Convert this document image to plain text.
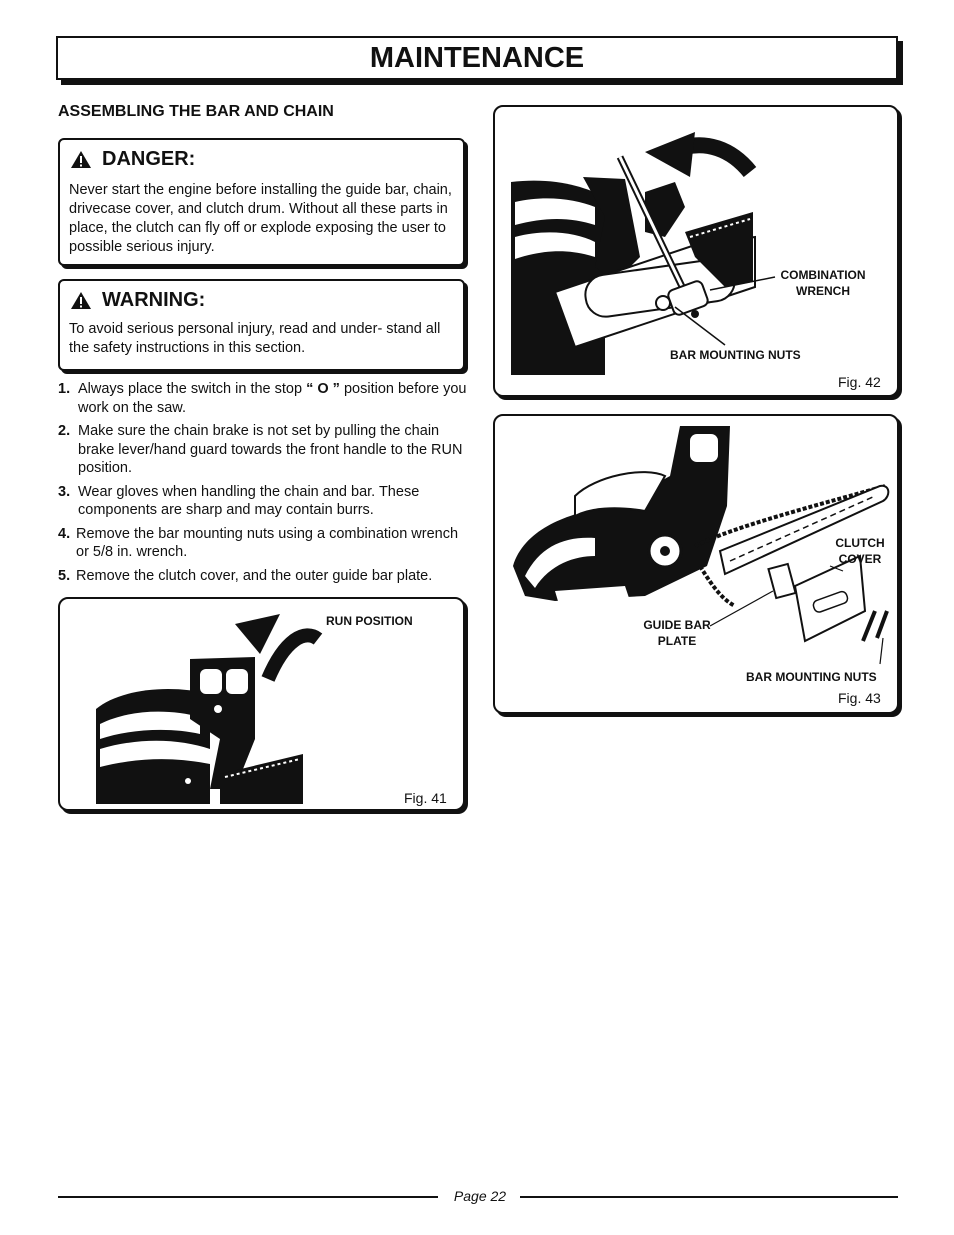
MAINTENANCE
ASSEMBLING THE BAR AND CHAIN
DANGER:

Never start the engine before installing the guide bar, chain, drivecase cover, and clutch drum. Without all these parts in place, the clutch can fly off or explode exposing the user to possible serious injury.

WARNING:

To avoid serious personal injury, read and under- stand all the safety instructions in this section.

1. Always place the switch in the stop “ O ” position before you work on the saw.
2. Make sure the chain brake is not set by pulling the chain brake lever/hand guard towards the front handle to the RUN position.
3. Wear gloves when handling the chain and bar. These components are sharp and may contain burrs.
4. Remove the bar mounting nuts using a combination wrench or 5/8 in. wrench.
5. Remove the clutch cover, and the outer guide bar plate.
RUN POSITION
Fig. 41
COMBINATION
WRENCH
BAR MOUNTING NUTS
Fig. 42
CLUTCH
COVER
GUIDE BAR
PLATE
BAR MOUNTING NUTS
Fig. 43
Page 22
